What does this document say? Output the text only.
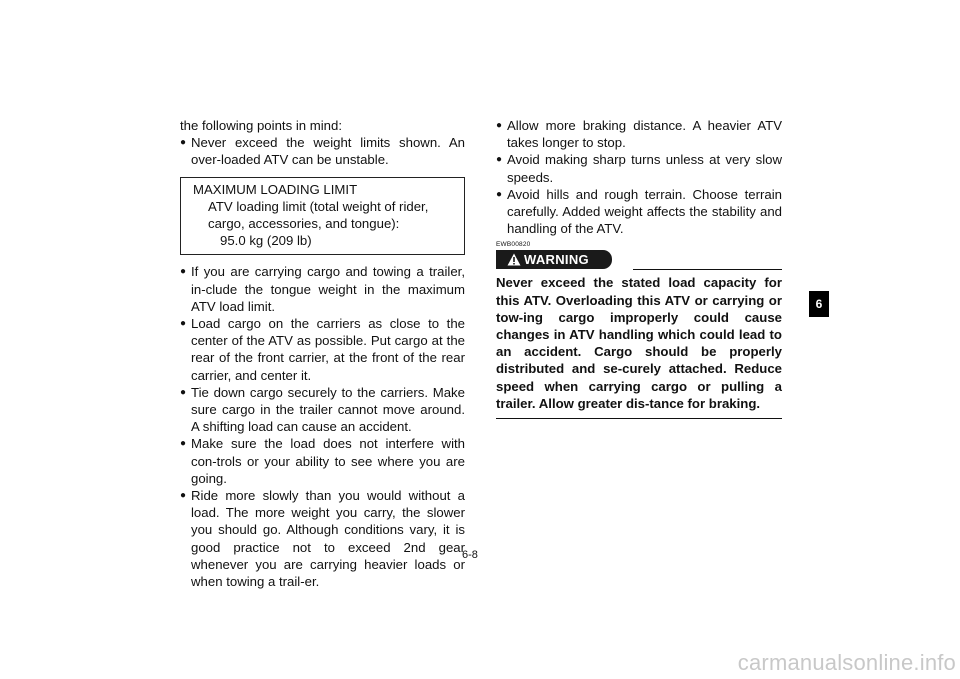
the following points in mind:

● Never exceed the weight limits shown. An over-loaded ATV can be unstable.
MAXIMUM LOADING LIMIT
ATV loading limit (total weight of rider, cargo, accessories, and tongue):
95.0 kg (209 lb)
● If you are carrying cargo and towing a trailer, in-clude the tongue weight in the maximum ATV load limit.
● Load cargo on the carriers as close to the center of the ATV as possible. Put cargo at the rear of the front carrier, at the front of the rear carrier, and center it.
● Tie down cargo securely to the carriers. Make sure cargo in the trailer cannot move around. A shifting load can cause an accident.
● Make sure the load does not interfere with con-trols or your ability to see where you are going.
● Ride more slowly than you would without a load. The more weight you carry, the slower you should go. Although conditions vary, it is good practice not to exceed 2nd gear whenever you are carrying heavier loads or when towing a trail-er.
● Allow more braking distance. A heavier ATV takes longer to stop.
● Avoid making sharp turns unless at very slow speeds.
● Avoid hills and rough terrain. Choose terrain carefully. Added weight affects the stability and handling of the ATV.
EWB00820
WARNING

Never exceed the stated load capacity for this ATV. Overloading this ATV or carrying or tow-ing cargo improperly could cause changes in ATV handling which could lead to an accident. Cargo should be properly distributed and se-curely attached. Reduce speed when carrying cargo or pulling a trailer. Allow greater dis-tance for braking.

6
6-8
carmanualsonline.info
